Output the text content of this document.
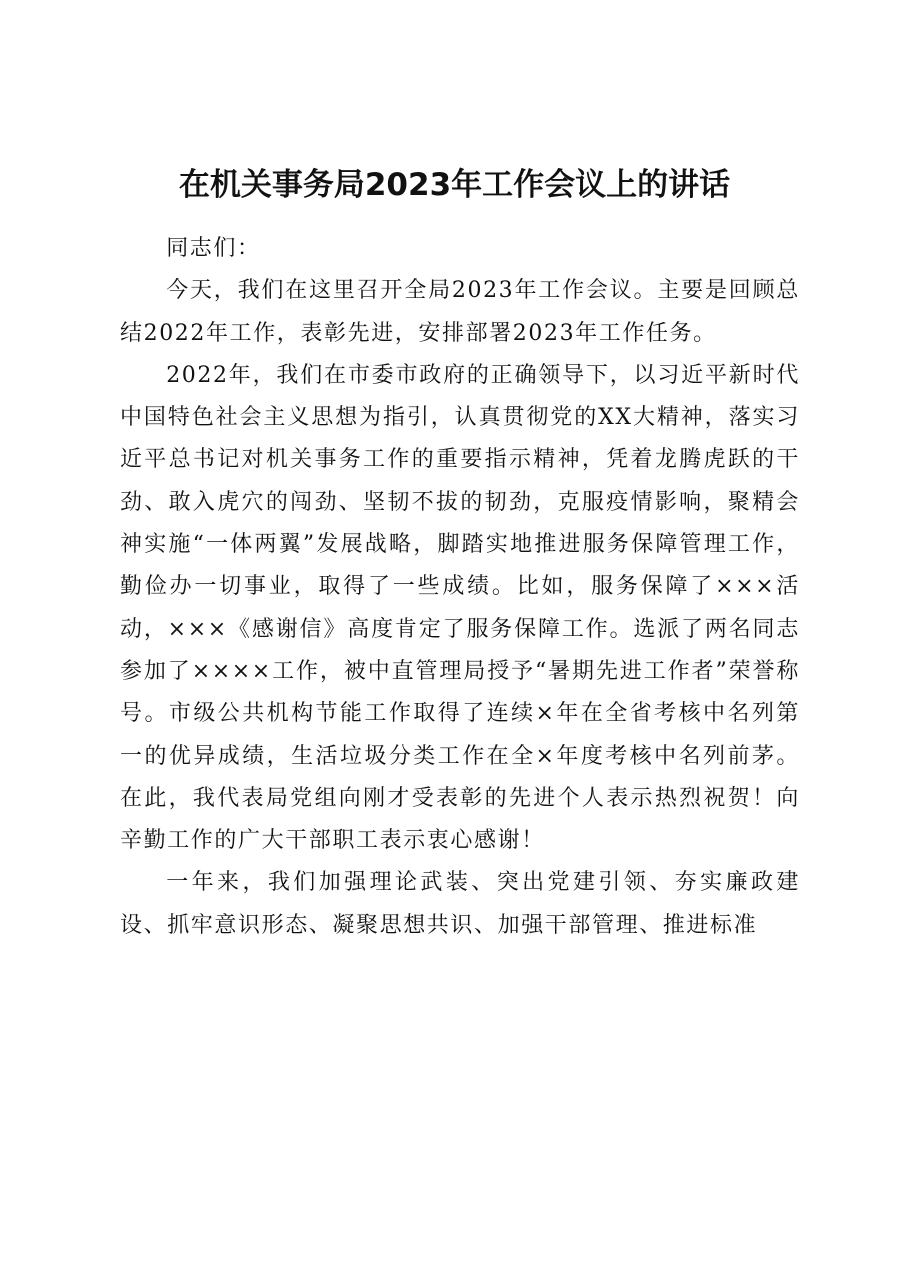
在机关事务局2023年工作会议上的讲话

同志们：

今天，我们在这里召开全局2023年工作会议。主要是回顾总结2022年工作，表彰先进，安排部署2023年工作任务。

2022年，我们在市委市政府的正确领导下，以习近平新时代中国特色社会主义思想为指引，认真贯彻党的XX大精神，落实习近平总书记对机关事务工作的重要指示精神，凭着龙腾虎跃的干劲、敢入虎穴的闯劲、坚韧不拔的韧劲，克服疫情影响，聚精会神实施“一体两翼”发展战略，脚踏实地推进服务保障管理工作，勤俭办一切事业，取得了一些成绩。比如，服务保障了×××活动，×××《感谢信》高度肯定了服务保障工作。选派了两名同志参加了××××工作，被中直管理局授予“暑期先进工作者”荣誉称号。市级公共机构节能工作取得了连续×年在全省考核中名列第一的优异成绩，生活垃圾分类工作在全×年度考核中名列前茅。在此，我代表局党组向刚才受表彰的先进个人表示热烈祝贺！向辛勤工作的广大干部职工表示衷心感谢！

一年来，我们加强理论武装、突出党建引领、夯实廉政建设、抓牢意识形态、凝聚思想共识、加强干部管理、推进标准
